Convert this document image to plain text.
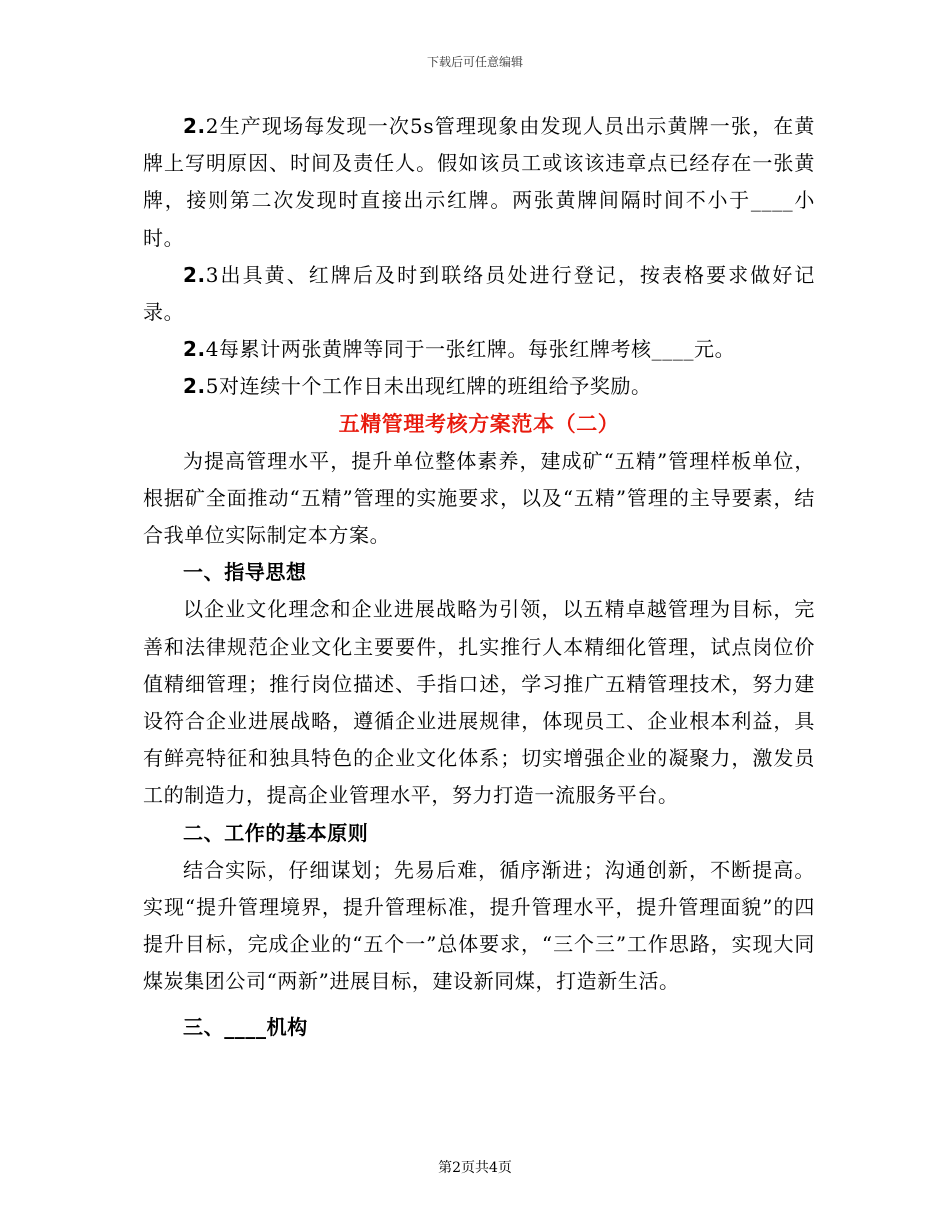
下载后可任意编辑

2.2生产现场每发现一次5s管理现象由发现人员出示黄牌一张，在黄牌上写明原因、时间及责任人。假如该员工或该该违章点已经存在一张黄牌，接则第二次发现时直接出示红牌。两张黄牌间隔时间不小于____小时。

2.3出具黄、红牌后及时到联络员处进行登记，按表格要求做好记录。

2.4每累计两张黄牌等同于一张红牌。每张红牌考核____元。

2.5对连续十个工作日未出现红牌的班组给予奖励。

五精管理考核方案范本（二）

为提高管理水平，提升单位整体素养，建成矿“五精”管理样板单位，根据矿全面推动“五精”管理的实施要求，以及“五精”管理的主导要素，结合我单位实际制定本方案。

一、指导思想

以企业文化理念和企业进展战略为引领，以五精卓越管理为目标，完善和法律规范企业文化主要要件，扎实推行人本精细化管理，试点岗位价值精细管理；推行岗位描述、手指口述，学习推广五精管理技术，努力建设符合企业进展战略，遵循企业进展规律，体现员工、企业根本利益，具有鲜亮特征和独具特色的企业文化体系；切实增强企业的凝聚力，激发员工的制造力，提高企业管理水平，努力打造一流服务平台。

二、工作的基本原则

结合实际，仔细谋划；先易后难，循序渐进；沟通创新，不断提高。实现“提升管理境界，提升管理标准，提升管理水平，提升管理面貌”的四提升目标，完成企业的“五个一”总体要求，“三个三”工作思路，实现大同煤炭集团公司“两新”进展目标，建设新同煤，打造新生活。

三、____机构
第2页共4页
